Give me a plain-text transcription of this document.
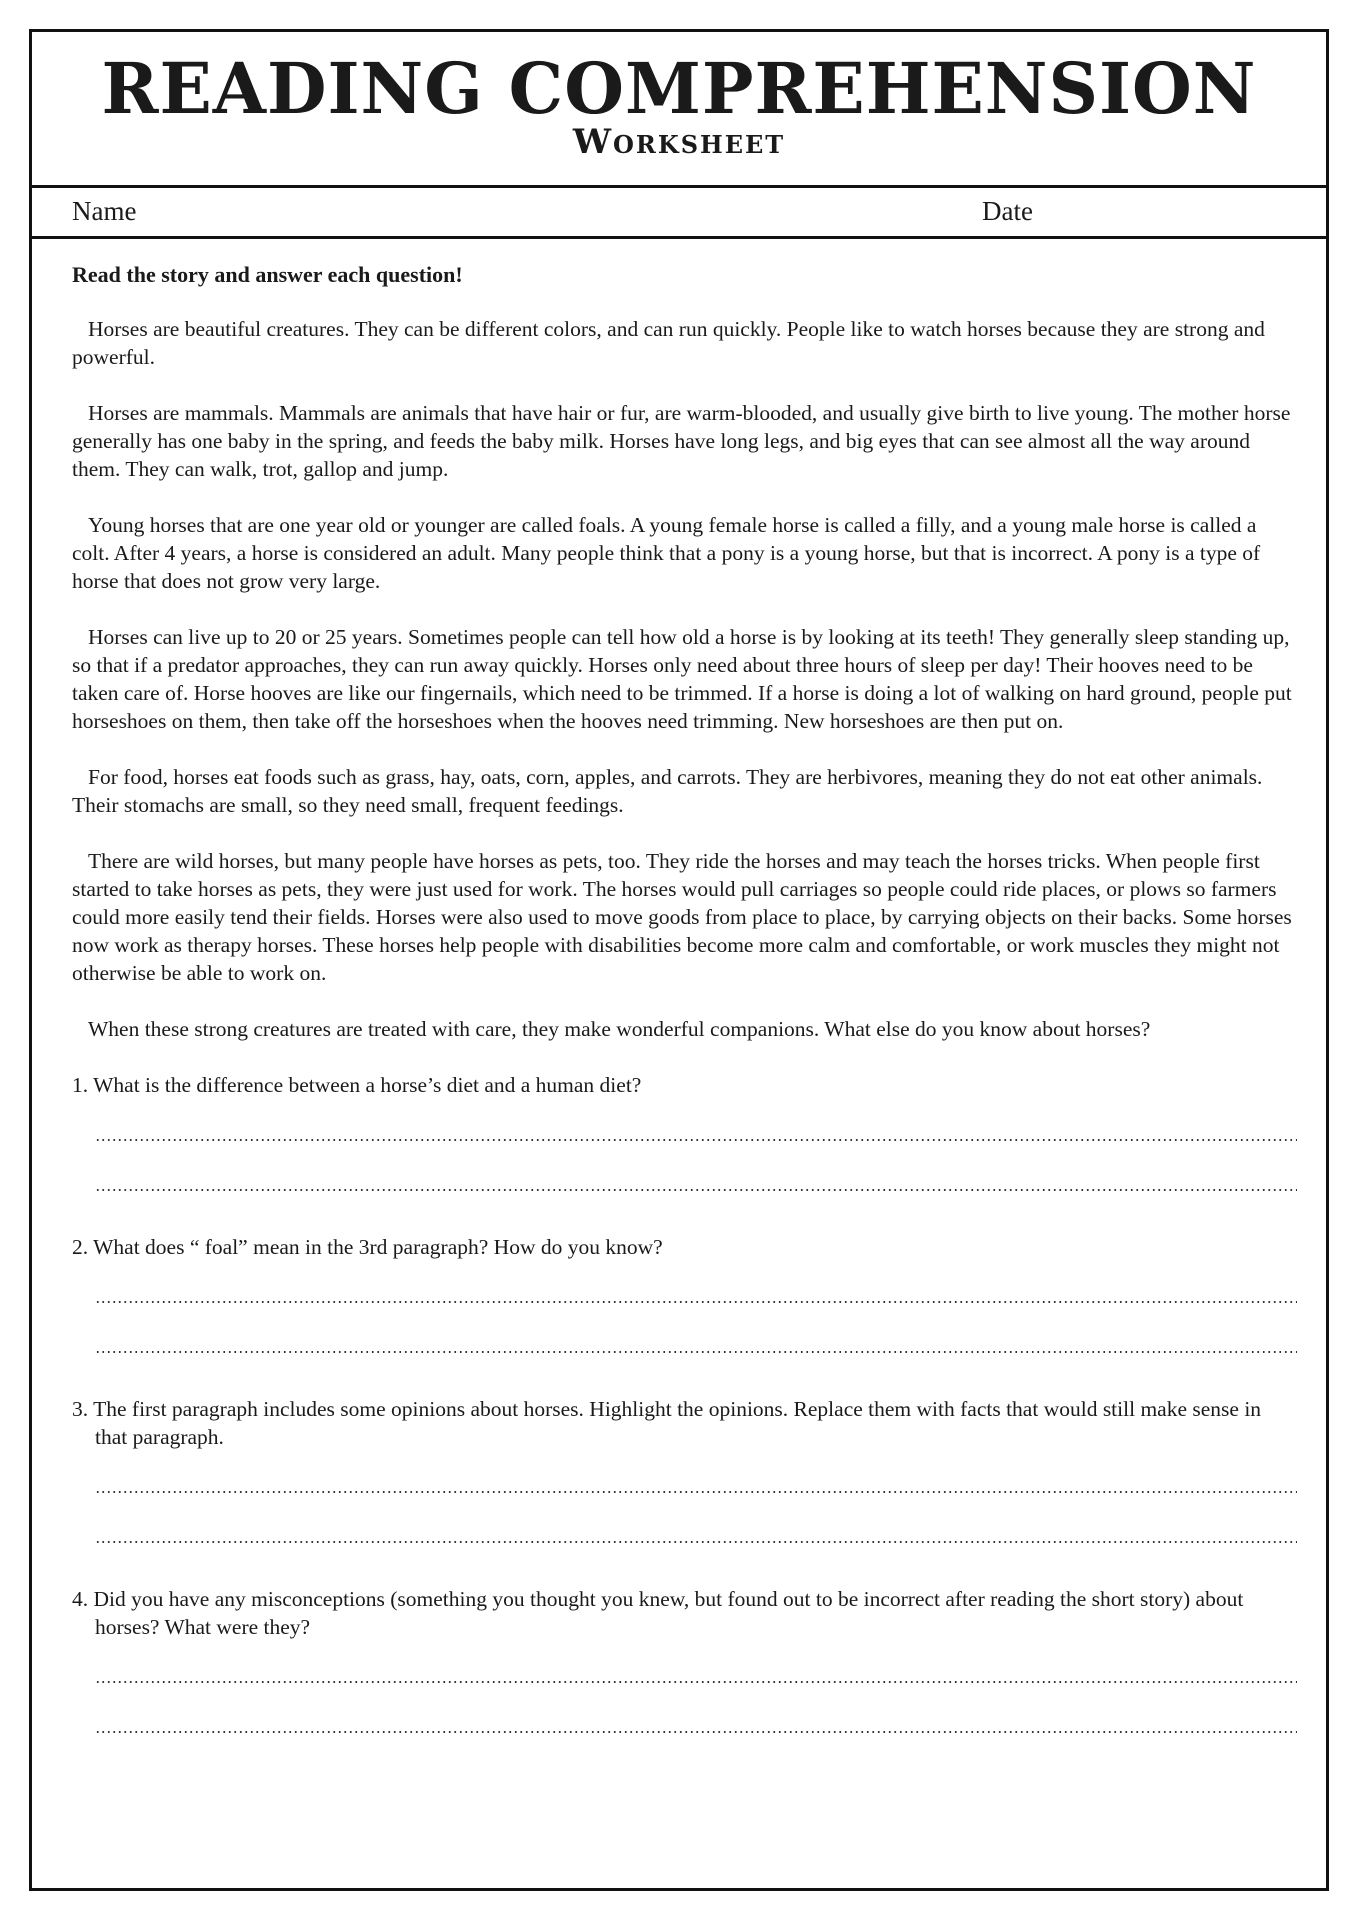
READING COMPREHENSION
Worksheet
Name	Date

Read the story and answer each question!

Horses are beautiful creatures. They can be different colors, and can run quickly. People like to watch horses because they are strong and powerful.

Horses are mammals. Mammals are animals that have hair or fur, are warm-blooded, and usually give birth to live young. The mother horse generally has one baby in the spring, and feeds the baby milk. Horses have long legs, and big eyes that can see almost all the way around them. They can walk, trot, gallop and jump.

Young horses that are one year old or younger are called foals. A young female horse is called a filly, and a young male horse is called a colt. After 4 years, a horse is considered an adult. Many people think that a pony is a young horse, but that is incorrect. A pony is a type of horse that does not grow very large.

Horses can live up to 20 or 25 years. Sometimes people can tell how old a horse is by looking at its teeth! They generally sleep standing up, so that if a predator approaches, they can run away quickly. Horses only need about three hours of sleep per day! Their hooves need to be taken care of. Horse hooves are like our fingernails, which need to be trimmed. If a horse is doing a lot of walking on hard ground, people put horseshoes on them, then take off the horseshoes when the hooves need trimming. New horseshoes are then put on.

For food, horses eat foods such as grass, hay, oats, corn, apples, and carrots. They are herbivores, meaning they do not eat other animals. Their stomachs are small, so they need small, frequent feedings.

There are wild horses, but many people have horses as pets, too. They ride the horses and may teach the horses tricks. When people first started to take horses as pets, they were just used for work. The horses would pull carriages so people could ride places, or plows so farmers could more easily tend their fields. Horses were also used to move goods from place to place, by carrying objects on their backs. Some horses now work as therapy horses. These horses help people with disabilities become more calm and comfortable, or work muscles they might not otherwise be able to work on.

When these strong creatures are treated with care, they make wonderful companions. What else do you know about horses?

1. What is the difference between a horse’s diet and a human diet?

2. What does “ foal” mean in the 3rd paragraph? How do you know?

3. The first paragraph includes some opinions about horses. Highlight the opinions. Replace them with facts that would still make sense in that paragraph.

4. Did you have any misconceptions (something you thought you knew, but found out to be incorrect after reading the short story) about horses? What were they?
